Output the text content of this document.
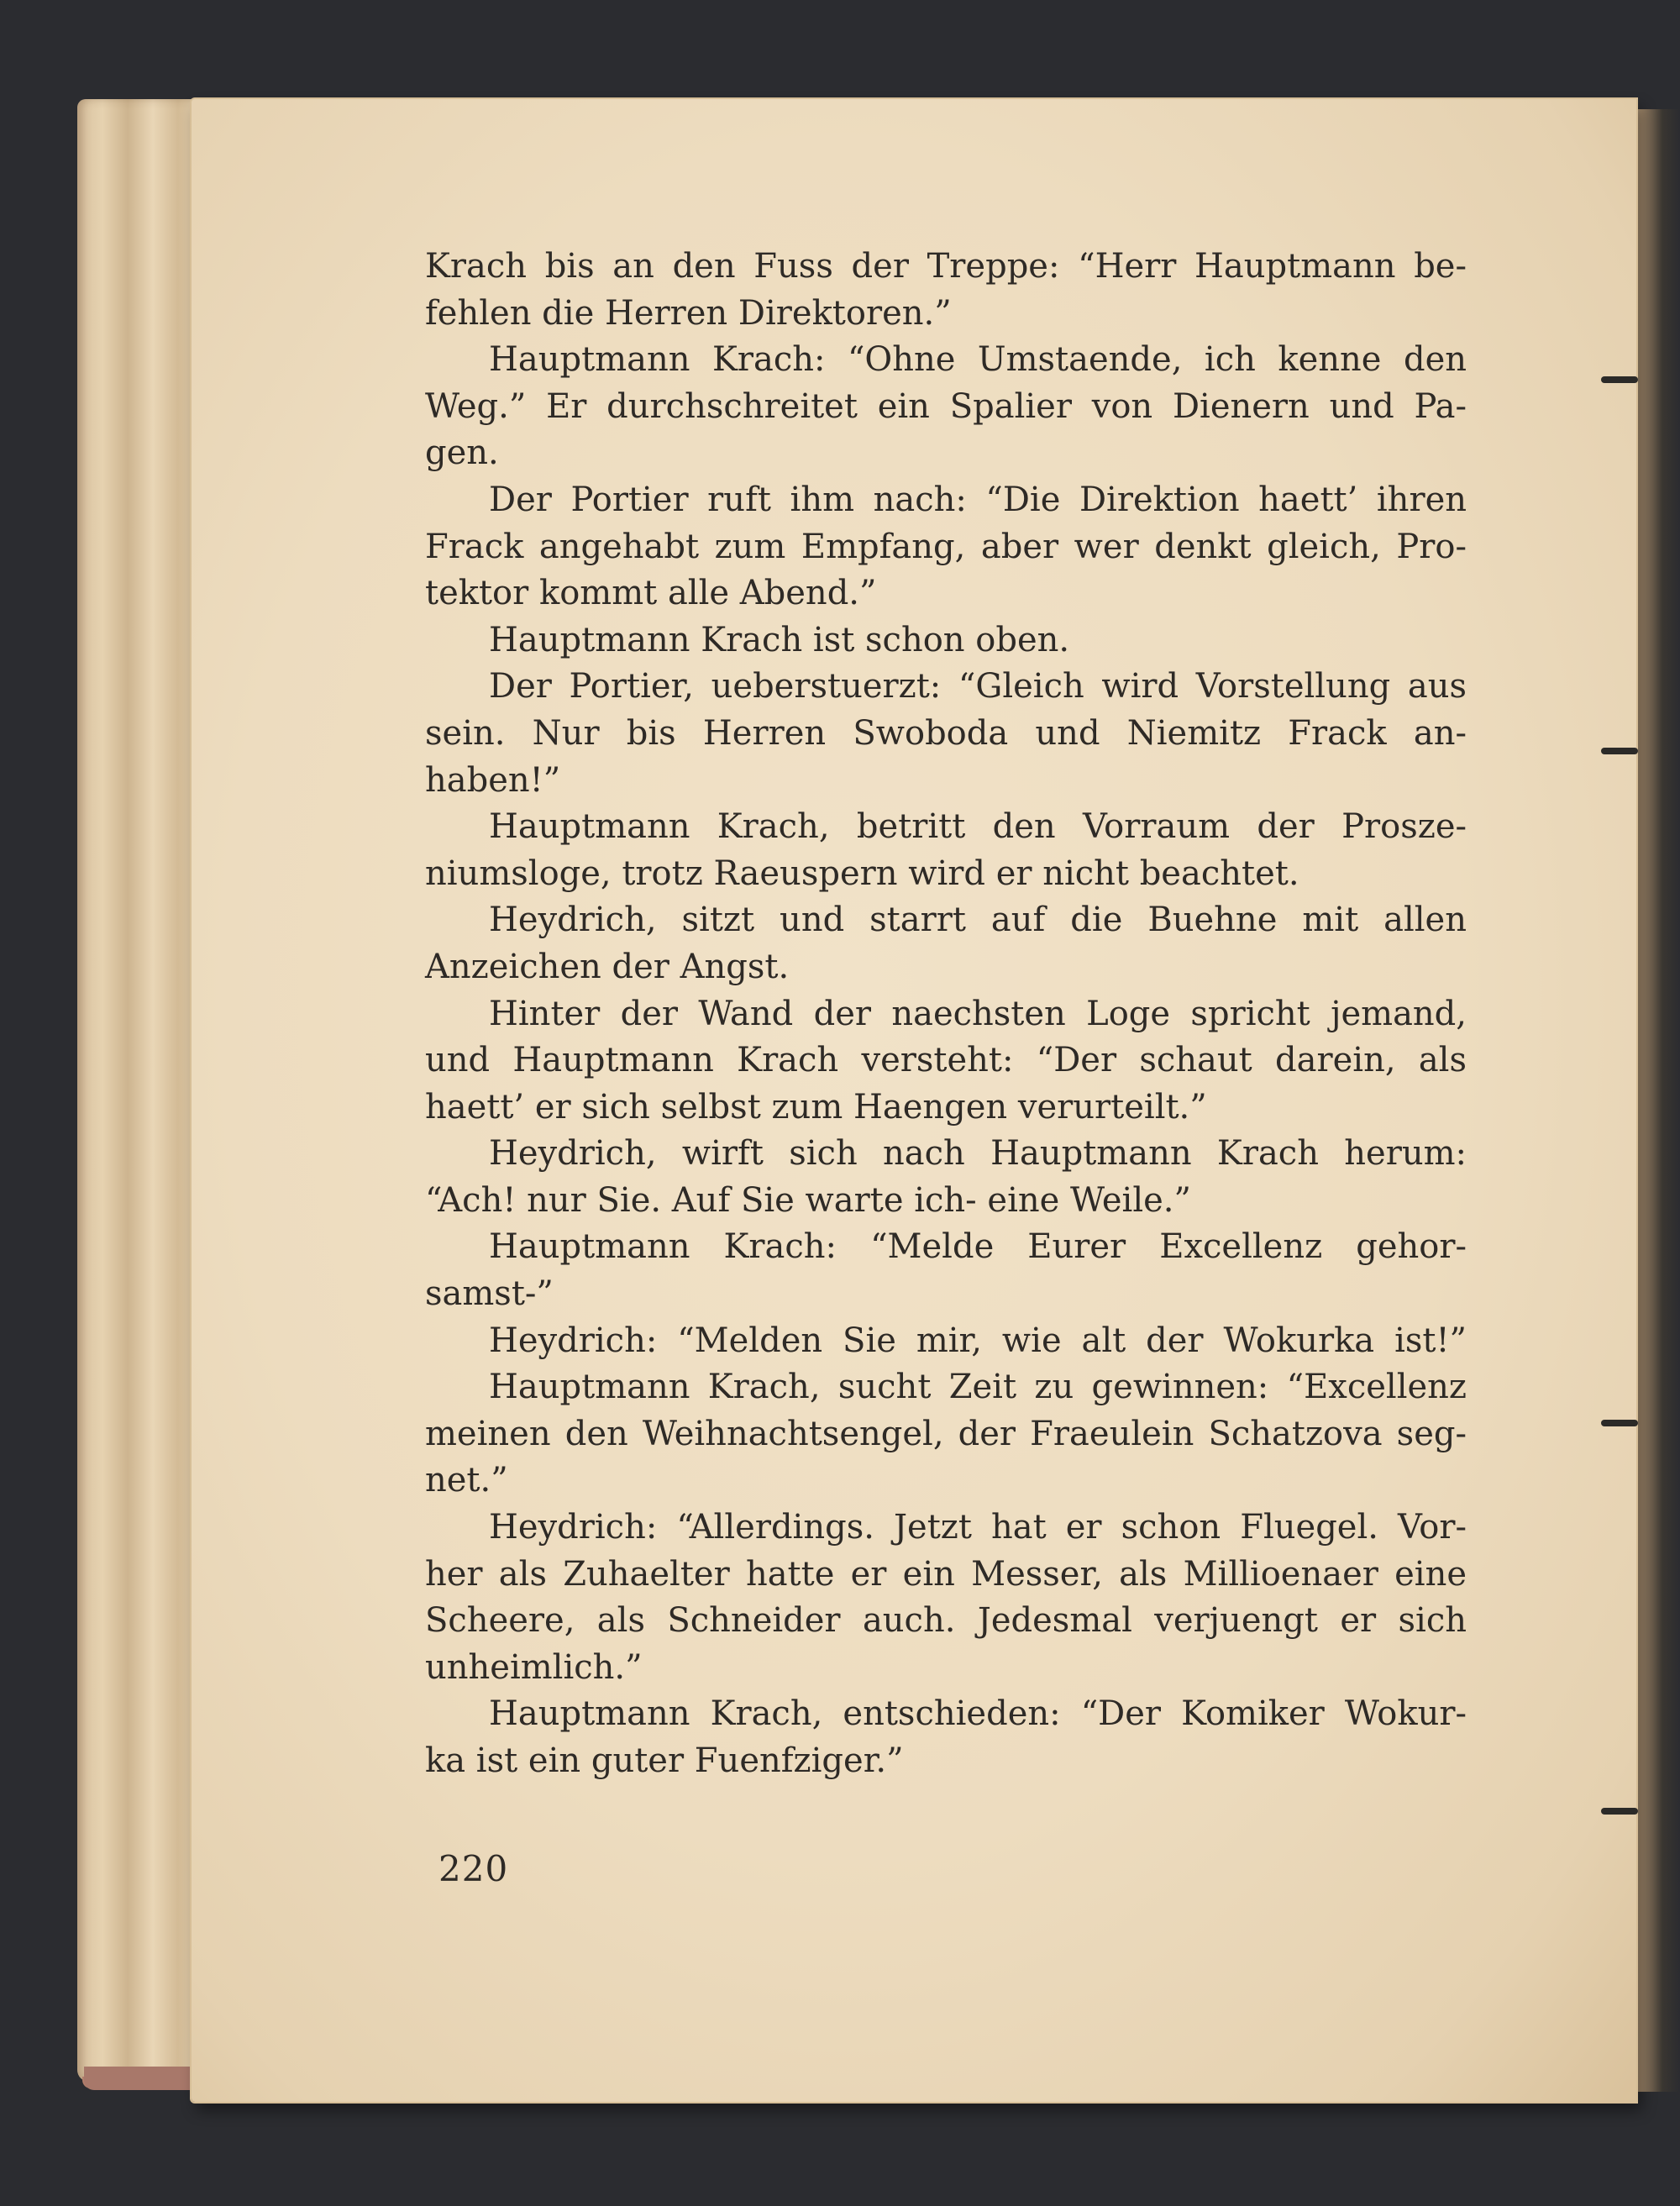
Krach bis an den Fuss der Treppe: “Herr Hauptmann be-
fehlen die Herren Direktoren.”
Hauptmann Krach: “Ohne Umstaende, ich kenne den
Weg.” Er durchschreitet ein Spalier von Dienern und Pa-
gen.
Der Portier ruft ihm nach: “Die Direktion haett’ ihren
Frack angehabt zum Empfang, aber wer denkt gleich, Pro-
tektor kommt alle Abend.”
Hauptmann Krach ist schon oben.
Der Portier, ueberstuerzt: “Gleich wird Vorstellung aus
sein. Nur bis Herren Swoboda und Niemitz Frack an-
haben!”
Hauptmann Krach, betritt den Vorraum der Prosze-
niumsloge, trotz Raeuspern wird er nicht beachtet.
Heydrich, sitzt und starrt auf die Buehne mit allen
Anzeichen der Angst.
Hinter der Wand der naechsten Loge spricht jemand,
und Hauptmann Krach versteht: “Der schaut darein, als
haett’ er sich selbst zum Haengen verurteilt.”
Heydrich, wirft sich nach Hauptmann Krach herum:
“Ach! nur Sie. Auf Sie warte ich- eine Weile.”
Hauptmann Krach: “Melde Eurer Excellenz gehor-
samst-”
Heydrich: “Melden Sie mir, wie alt der Wokurka ist!”
Hauptmann Krach, sucht Zeit zu gewinnen: “Excellenz
meinen den Weihnachtsengel, der Fraeulein Schatzova seg-
net.”
Heydrich: “Allerdings. Jetzt hat er schon Fluegel. Vor-
her als Zuhaelter hatte er ein Messer, als Millioenaer eine
Scheere, als Schneider auch. Jedesmal verjuengt er sich
unheimlich.”
Hauptmann Krach, entschieden: “Der Komiker Wokur-
ka ist ein guter Fuenfziger.”
220
